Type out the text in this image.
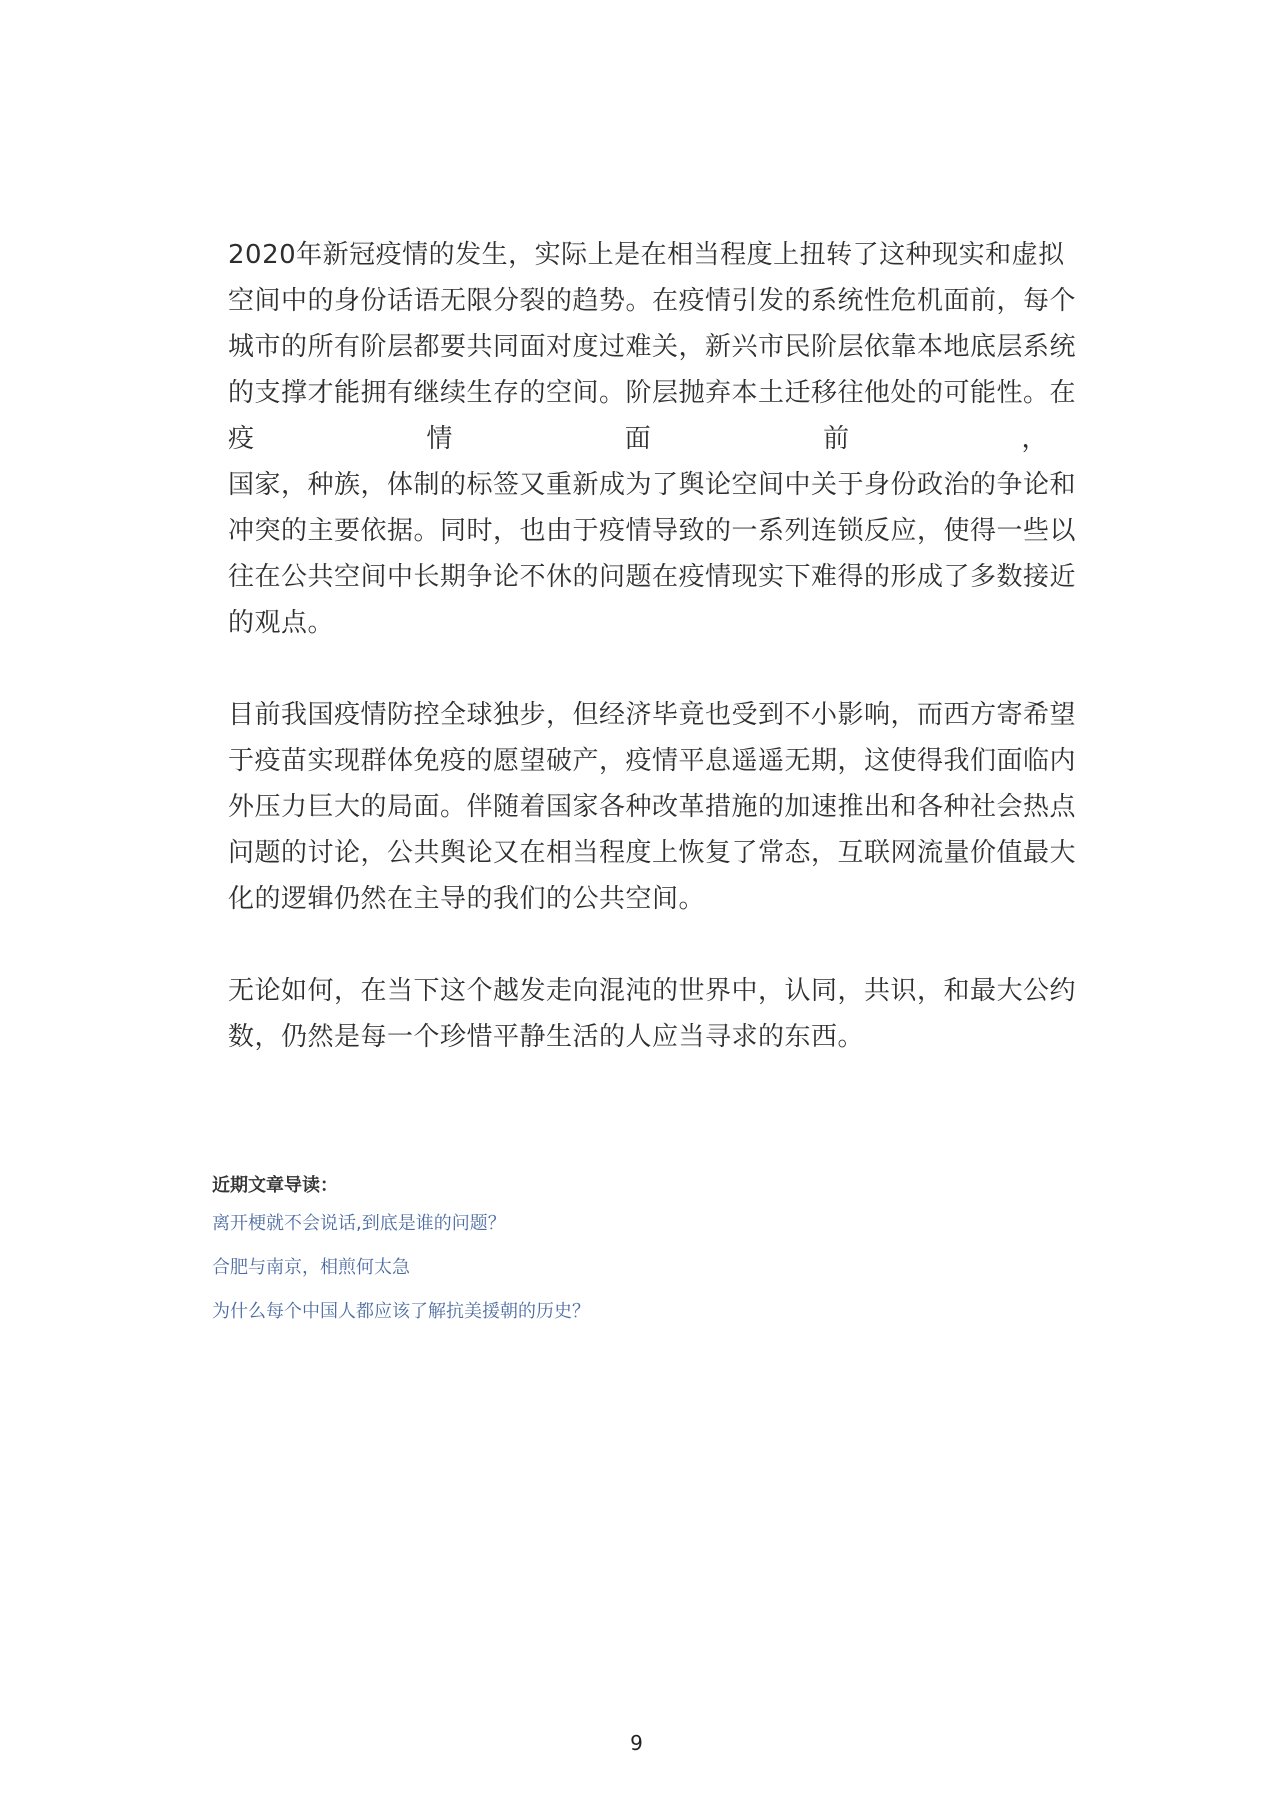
2020年新冠疫情的发生，实际上是在相当程度上扭转了这种现实和虚拟
空间中的身份话语无限分裂的趋势。在疫情引发的系统性危机面前，每个
城市的所有阶层都要共同面对度过难关，新兴市民阶层依靠本地底层系统
的支撑才能拥有继续生存的空间。阶层抛弃本土迁移往他处的可能性。在
疫	情	面	前	，
国家，种族，体制的标签又重新成为了舆论空间中关于身份政治的争论和
冲突的主要依据。同时，也由于疫情导致的一系列连锁反应，使得一些以
往在公共空间中长期争论不休的问题在疫情现实下难得的形成了多数接近
的观点。
目前我国疫情防控全球独步，但经济毕竟也受到不小影响，而西方寄希望
于疫苗实现群体免疫的愿望破产，疫情平息遥遥无期，这使得我们面临内
外压力巨大的局面。伴随着国家各种改革措施的加速推出和各种社会热点
问题的讨论，公共舆论又在相当程度上恢复了常态，互联网流量价值最大
化的逻辑仍然在主导的我们的公共空间。
无论如何，在当下这个越发走向混沌的世界中，认同，共识，和最大公约
数，仍然是每一个珍惜平静生活的人应当寻求的东西。
近期文章导读：
离开梗就不会说话,到底是谁的问题？
合肥与南京，相煎何太急
为什么每个中国人都应该了解抗美援朝的历史？
9
